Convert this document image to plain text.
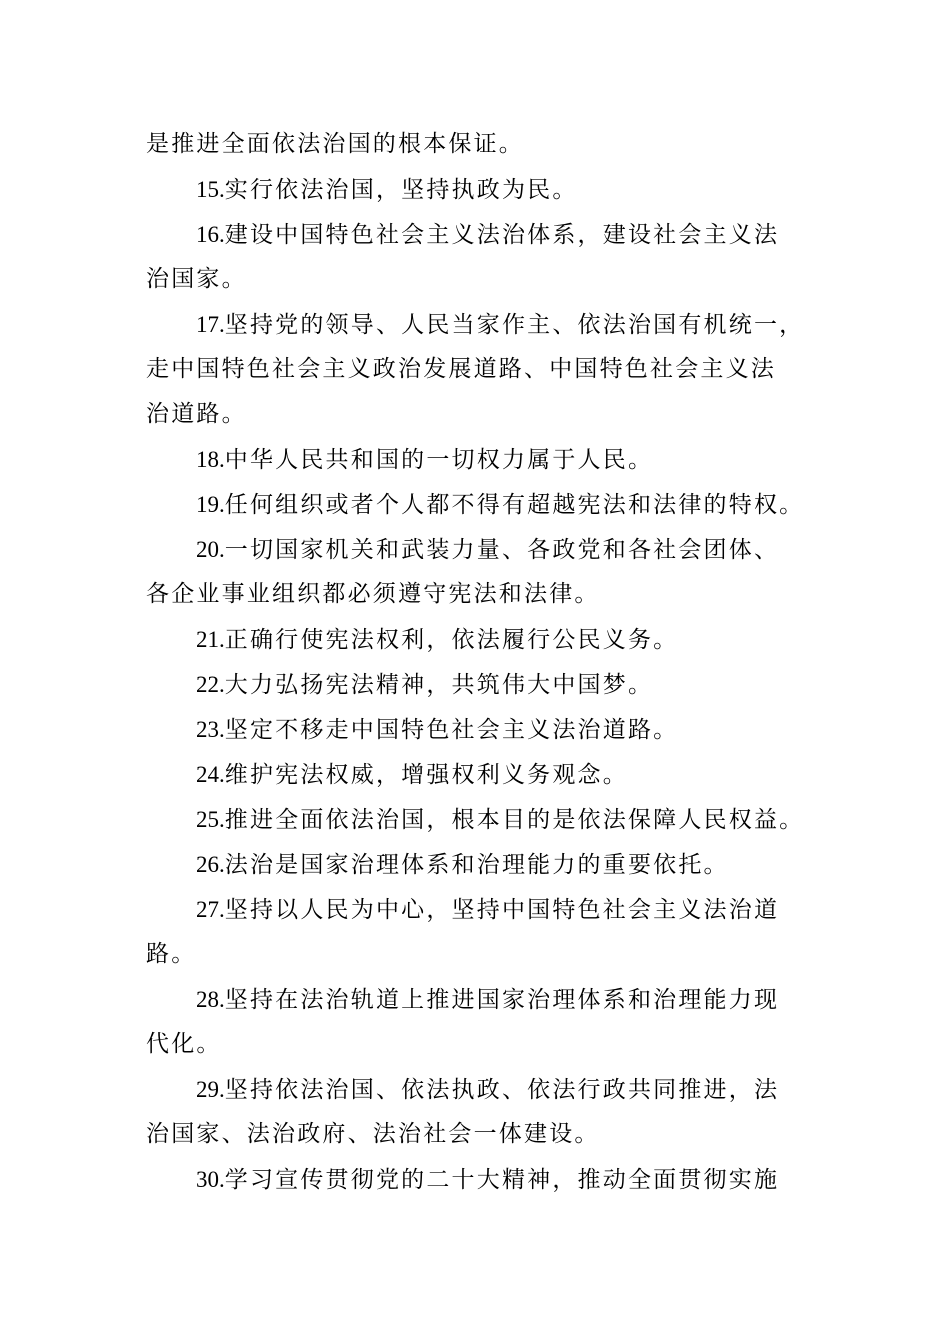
是推进全面依法治国的根本保证。

15.实行依法治国，坚持执政为民。

16.建设中国特色社会主义法治体系，建设社会主义法
治国家。

17.坚持党的领导、人民当家作主、依法治国有机统一，
走中国特色社会主义政治发展道路、中国特色社会主义法
治道路。

18.中华人民共和国的一切权力属于人民。

19.任何组织或者个人都不得有超越宪法和法律的特权。

20.一切国家机关和武装力量、各政党和各社会团体、
各企业事业组织都必须遵守宪法和法律。

21.正确行使宪法权利，依法履行公民义务。

22.大力弘扬宪法精神，共筑伟大中国梦。

23.坚定不移走中国特色社会主义法治道路。

24.维护宪法权威，增强权利义务观念。

25.推进全面依法治国，根本目的是依法保障人民权益。

26.法治是国家治理体系和治理能力的重要依托。

27.坚持以人民为中心，坚持中国特色社会主义法治道
路。

28.坚持在法治轨道上推进国家治理体系和治理能力现
代化。

29.坚持依法治国、依法执政、依法行政共同推进，法
治国家、法治政府、法治社会一体建设。

30.学习宣传贯彻党的二十大精神，推动全面贯彻实施
